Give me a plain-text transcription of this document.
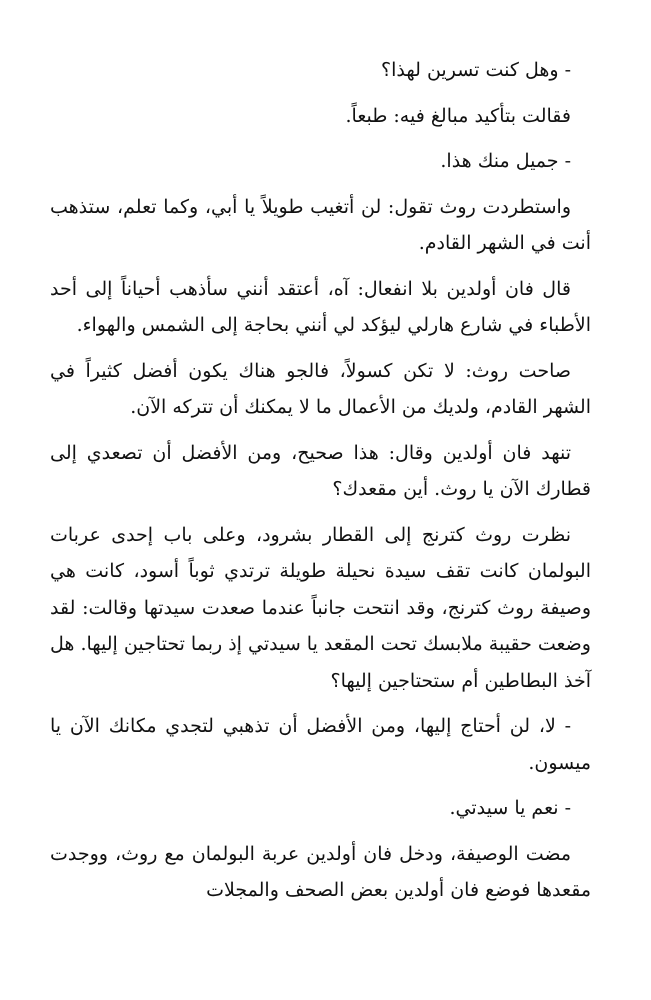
- وهل كنت تسرين لهذا؟

فقالت بتأكيد مبالغ فيه: طبعاً.

- جميل منك هذا.

واستطردت روث تقول: لن أتغيب طويلاً يا أبي، وكما تعلم، ستذهب أنت في الشهر القادم.

قال فان أولدين بلا انفعال: آه، أعتقد أنني سأذهب أحياناً إلى أحد الأطباء في شارع هارلي ليؤكد لي أنني بحاجة إلى الشمس والهواء.

صاحت روث: لا تكن كسولاً، فالجو هناك يكون أفضل كثيراً في الشهر القادم، ولديك من الأعمال ما لا يمكنك أن تتركه الآن.

تنهد فان أولدين وقال: هذا صحيح، ومن الأفضل أن تصعدي إلى قطارك الآن يا روث. أين مقعدك؟

نظرت روث كترنج إلى القطار بشرود، وعلى باب إحدى عربات البولمان كانت تقف سيدة نحيلة طويلة ترتدي ثوباً أسود، كانت هي وصيفة روث كترنج، وقد انتحت جانباً عندما صعدت سيدتها وقالت: لقد وضعت حقيبة ملابسك تحت المقعد يا سيدتي إذ ربما تحتاجين إليها. هل آخذ البطاطين أم ستحتاجين إليها؟

- لا، لن أحتاج إليها، ومن الأفضل أن تذهبي لتجدي مكانك الآن يا ميسون.

- نعم يا سيدتي.

مضت الوصيفة، ودخل فان أولدين عربة البولمان مع روث، ووجدت مقعدها فوضع فان أولدين بعض الصحف والمجلات
